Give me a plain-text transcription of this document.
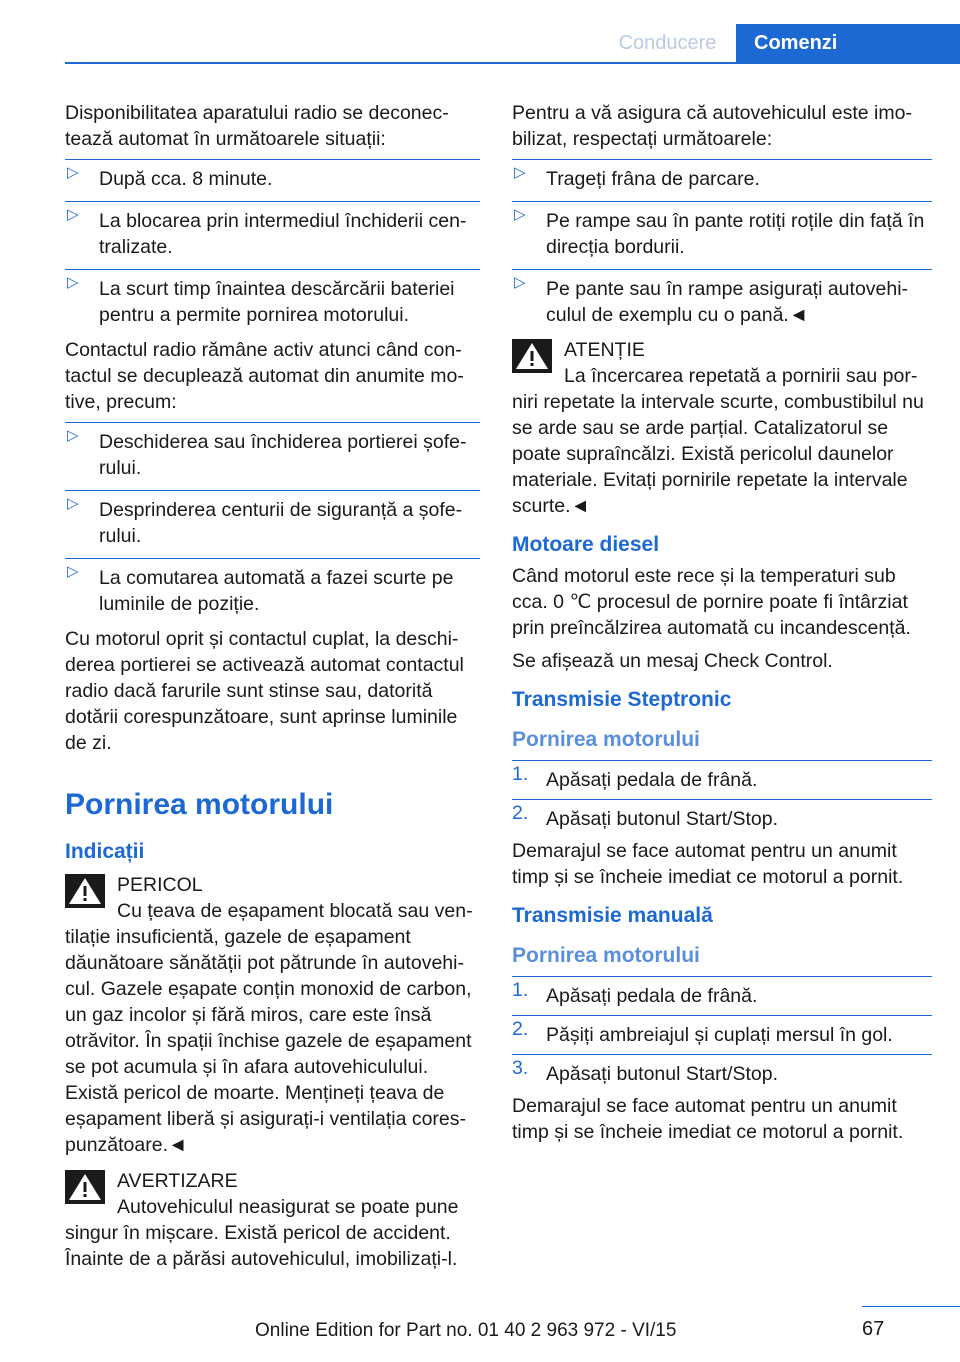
Conducere	Comenzi

Disponibilitatea aparatului radio se deconec‐ tează automat în următoarele situații:

▷ După cca. 8 minute.
▷ La blocarea prin intermediul închiderii cen‐ tralizate.
▷ La scurt timp înaintea descărcării bateriei pentru a permite pornirea motorului.

Contactul radio rămâne activ atunci când con‐ tactul se decuplează automat din anumite mo‐ tive, precum:

▷ Deschiderea sau închiderea portierei șofe‐ rului.
▷ Desprinderea centurii de siguranță a șofe‐ rului.
▷ La comutarea automată a fazei scurte pe luminile de poziție.

Cu motorul oprit și contactul cuplat, la deschi‐ derea portierei se activează automat contactul radio dacă farurile sunt stinse sau, datorită dotării corespunzătoare, sunt aprinse luminile de zi.

Pornirea motorului
Indicații
PERICOL
Cu țeava de eșapament blocată sau ven‐
tilație insuficientă, gazele de eșapament dăunătoare sănătății pot pătrunde în autovehi‐ cul. Gazele eșapate conțin monoxid de carbon, un gaz incolor și fără miros, care este însă otrăvitor. În spații închise gazele de eșapament se pot acumula și în afara autovehiculului. Există pericol de moarte. Mențineți țeava de eșapament liberă și asigurați-i ventilația cores‐ punzătoare.◄
AVERTIZARE
Autovehiculul neasigurat se poate pune
singur în mișcare. Există pericol de accident. Înainte de a părăsi autovehiculul, imobilizați-l.

Pentru a vă asigura că autovehiculul este imo‐ bilizat, respectați următoarele:

▷ Trageți frâna de parcare.
▷ Pe rampe sau în pante rotiți roțile din față în direcția bordurii.
▷ Pe pante sau în rampe asigurați autovehi‐ culul de exemplu cu o pană.◄
ATENȚIE
La încercarea repetată a pornirii sau por‐
niri repetate la intervale scurte, combustibilul nu se arde sau se arde parțial. Catalizatorul se poate supraîncălzi. Există pericolul daunelor materiale. Evitați pornirile repetate la intervale scurte.◄
Motoare diesel

Când motorul este rece și la temperaturi sub cca. 0 ℃ procesul de pornire poate fi întârziat prin preîncălzirea automată cu incandescență.

Se afișează un mesaj Check Control.

Transmisie Steptronic
Pornirea motorului
1. Apăsați pedala de frână.
2. Apăsați butonul Start/Stop.

Demarajul se face automat pentru un anumit timp și se încheie imediat ce motorul a pornit.

Transmisie manuală
Pornirea motorului
1. Apăsați pedala de frână.
2. Pășiți ambreiajul și cuplați mersul în gol.
3. Apăsați butonul Start/Stop.

Demarajul se face automat pentru un anumit timp și se încheie imediat ce motorul a pornit.

67
Online Edition for Part no. 01 40 2 963 972 - VI/15
